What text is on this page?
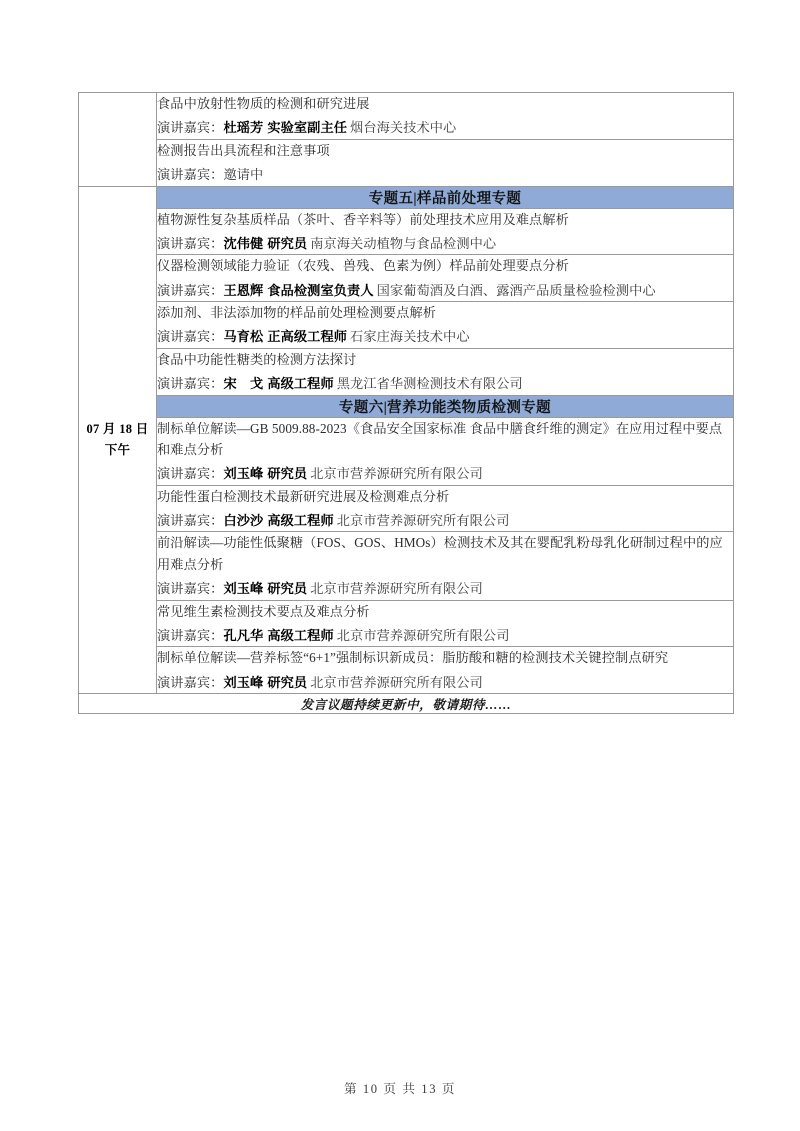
	食品中放射性物质的检测和研究进展
演讲嘉宾：杜瑶芳 实验室副主任 烟台海关技术中心

	检测报告出具流程和注意事项
演讲嘉宾：邀请中

07 月 18 日
下午	专题五|样品前处理专题

	植物源性复杂基质样品（茶叶、香辛料等）前处理技术应用及难点解析
演讲嘉宾：沈伟健 研究员 南京海关动植物与食品检测中心

	仪器检测领域能力验证（农残、兽残、色素为例）样品前处理要点分析
演讲嘉宾：王恩辉 食品检测室负责人 国家葡萄酒及白酒、露酒产品质量检验检测中心

	添加剂、非法添加物的样品前处理检测要点解析
演讲嘉宾：马育松 正高级工程师 石家庄海关技术中心

	食品中功能性糖类的检测方法探讨
演讲嘉宾：宋　戈 高级工程师 黑龙江省华测检测技术有限公司

	专题六|营养功能类物质检测专题

	制标单位解读—GB 5009.88-2023《食品安全国家标准 食品中膳食纤维的测定》在应用过程中要点和难点分析
演讲嘉宾：刘玉峰 研究员 北京市营养源研究所有限公司

	功能性蛋白检测技术最新研究进展及检测难点分析
演讲嘉宾：白沙沙 高级工程师 北京市营养源研究所有限公司

	前沿解读—功能性低聚糖（FOS、GOS、HMOs）检测技术及其在婴配乳粉母乳化研制过程中的应用难点分析
演讲嘉宾：刘玉峰 研究员 北京市营养源研究所有限公司

	常见维生素检测技术要点及难点分析
演讲嘉宾：孔凡华 高级工程师 北京市营养源研究所有限公司

	制标单位解读—营养标签“6+1”强制标识新成员：脂肪酸和糖的检测技术关键控制点研究
演讲嘉宾：刘玉峰 研究员 北京市营养源研究所有限公司

发言议题持续更新中，敬请期待……	
第 10 页 共 13 页
